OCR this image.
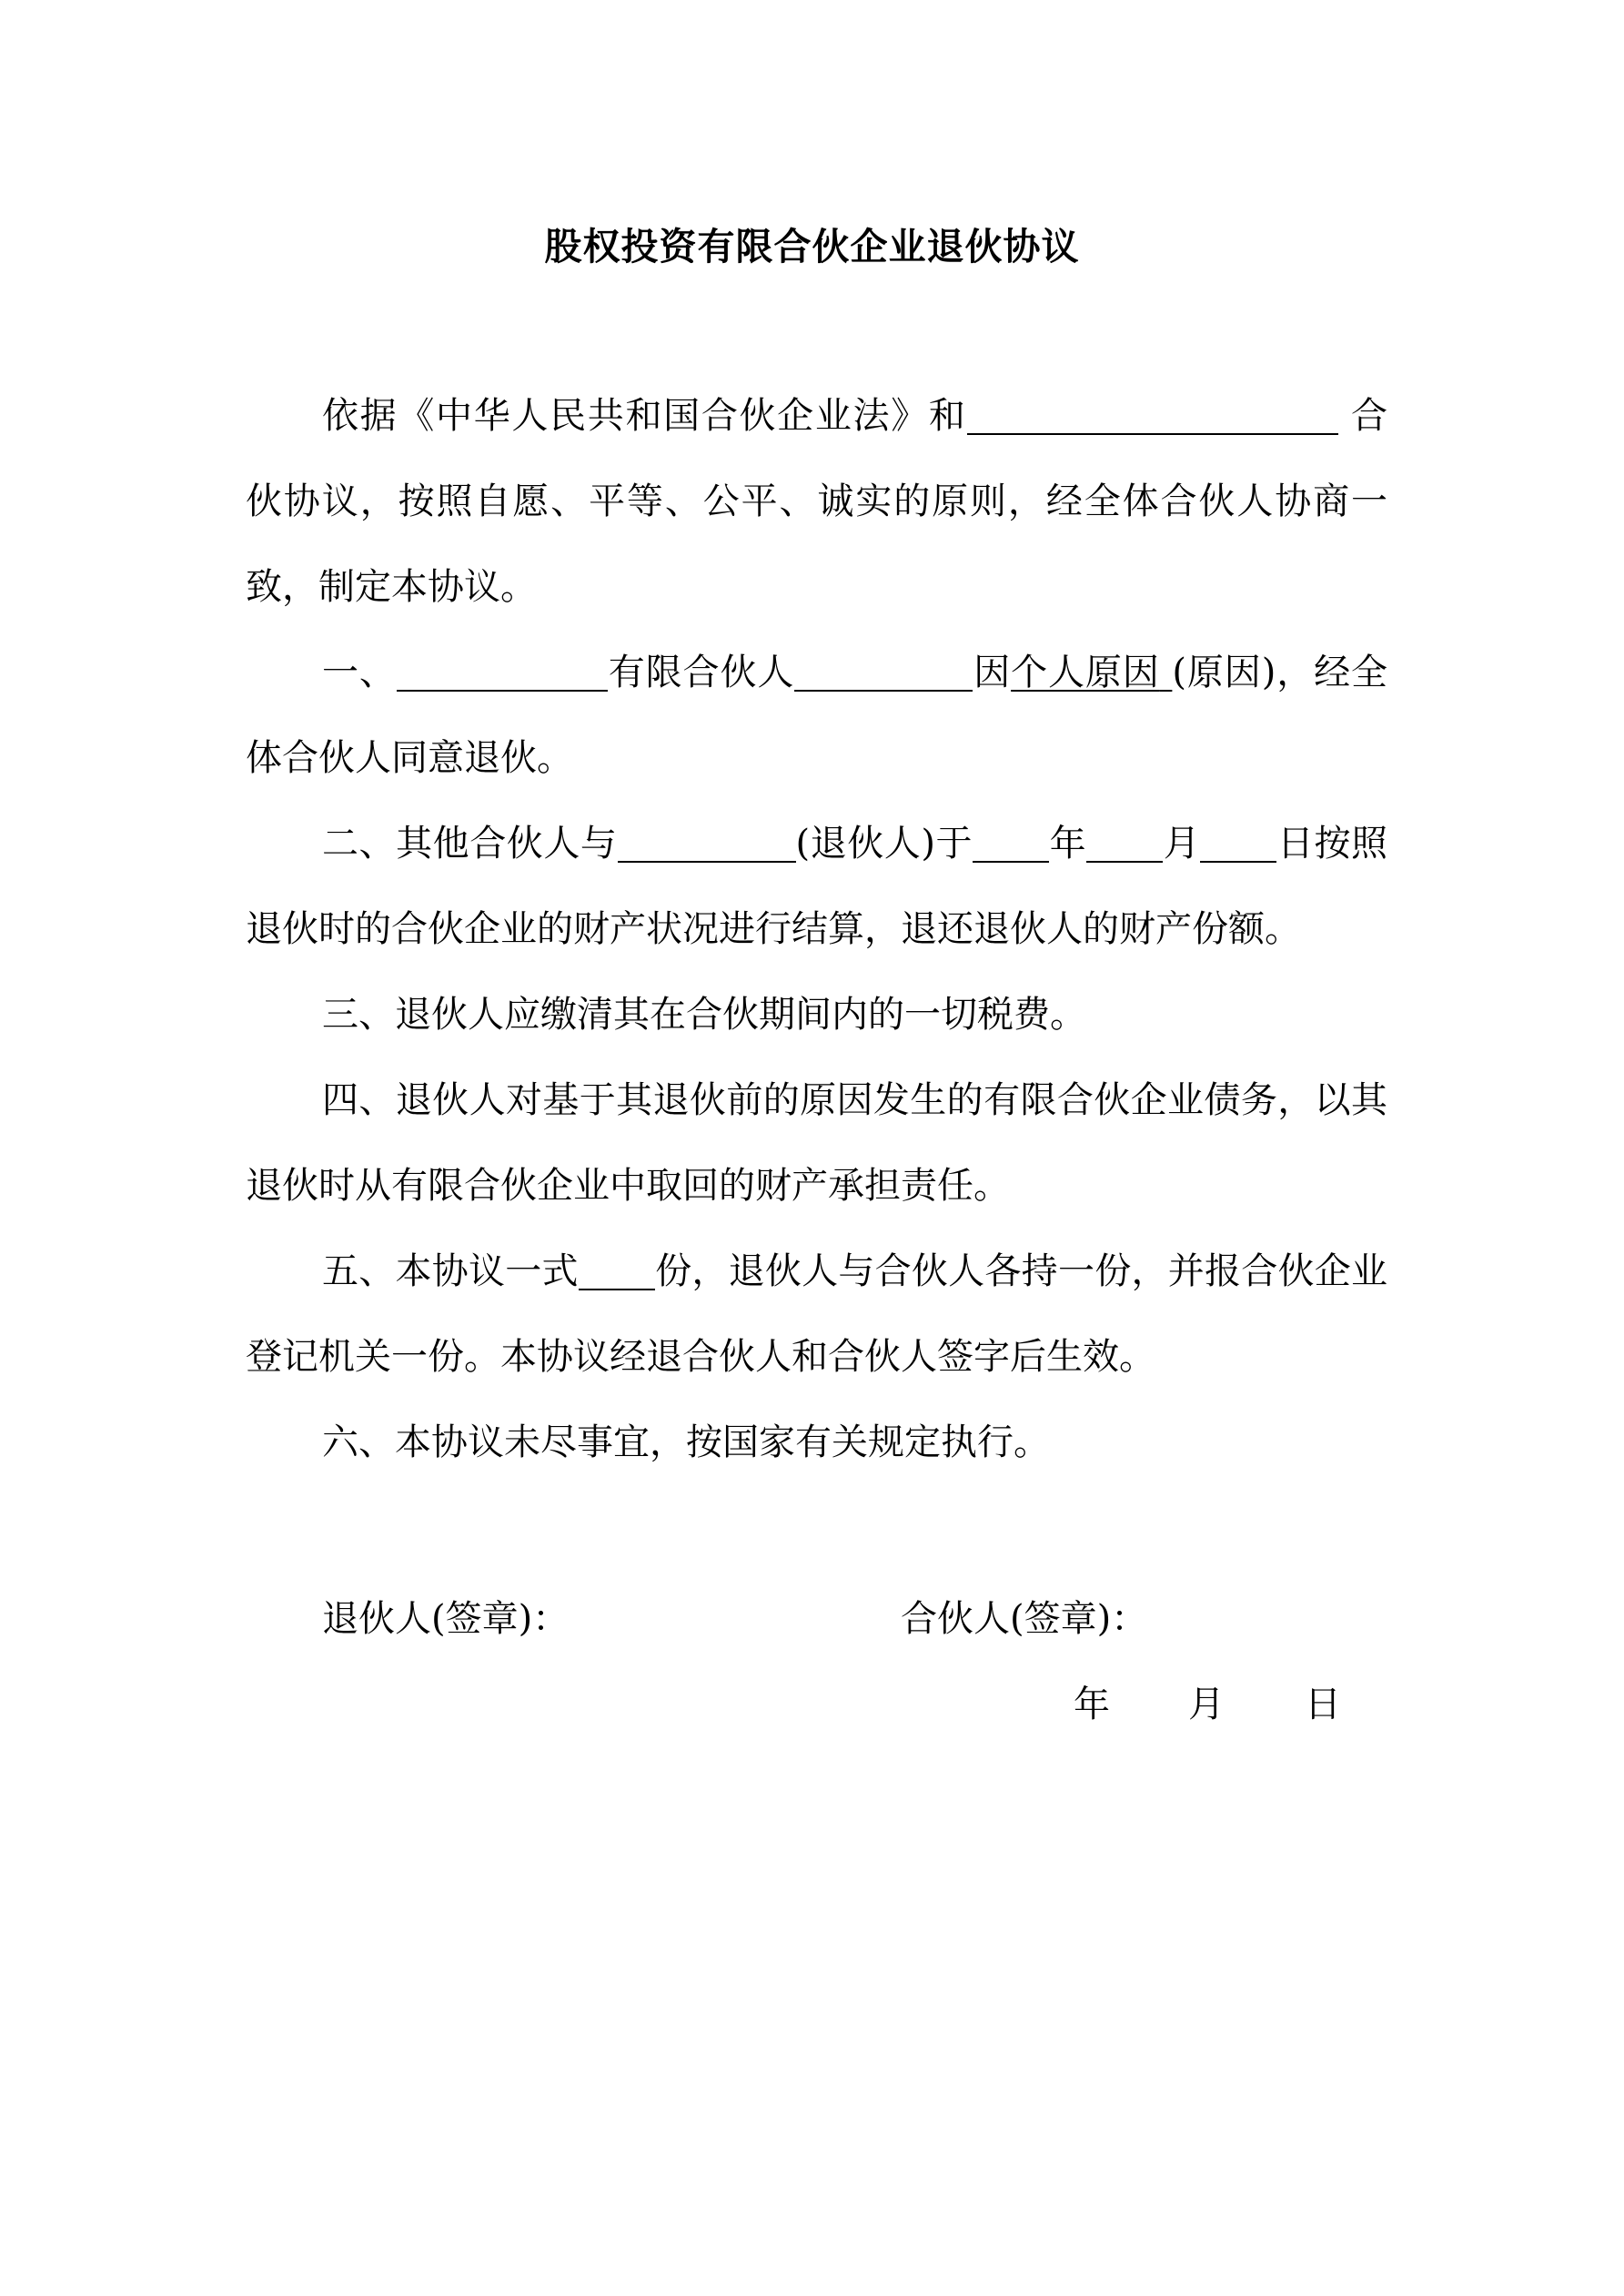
股权投资有限合伙企业退伙协议

依据《中华人民共和国合伙企业法》和	合伙协议，按照自愿、平等、公平、诚实的原则，经全体合伙人协商一致，制定本协议。

一、	有限合伙人	因个人原因 (原因)，经全体合伙人同意退伙。

二、其他合伙人与	(退伙人)于 年 月 日按照退伙时的合伙企业的财产状况进行结算，退还退伙人的财产份额。

三、退伙人应缴清其在合伙期间内的一切税费。

四、退伙人对基于其退伙前的原因发生的有限合伙企业债务，以其退伙时从有限合伙企业中取回的财产承担责任。

五、本协议一式 份，退伙人与合伙人各持一份，并报合伙企业登记机关一份。本协议经退合伙人和合伙人签字后生效。

六、本协议未尽事宜，按国家有关规定执行。

退伙人(签章)：	合伙人(签章)：
年 月 日
